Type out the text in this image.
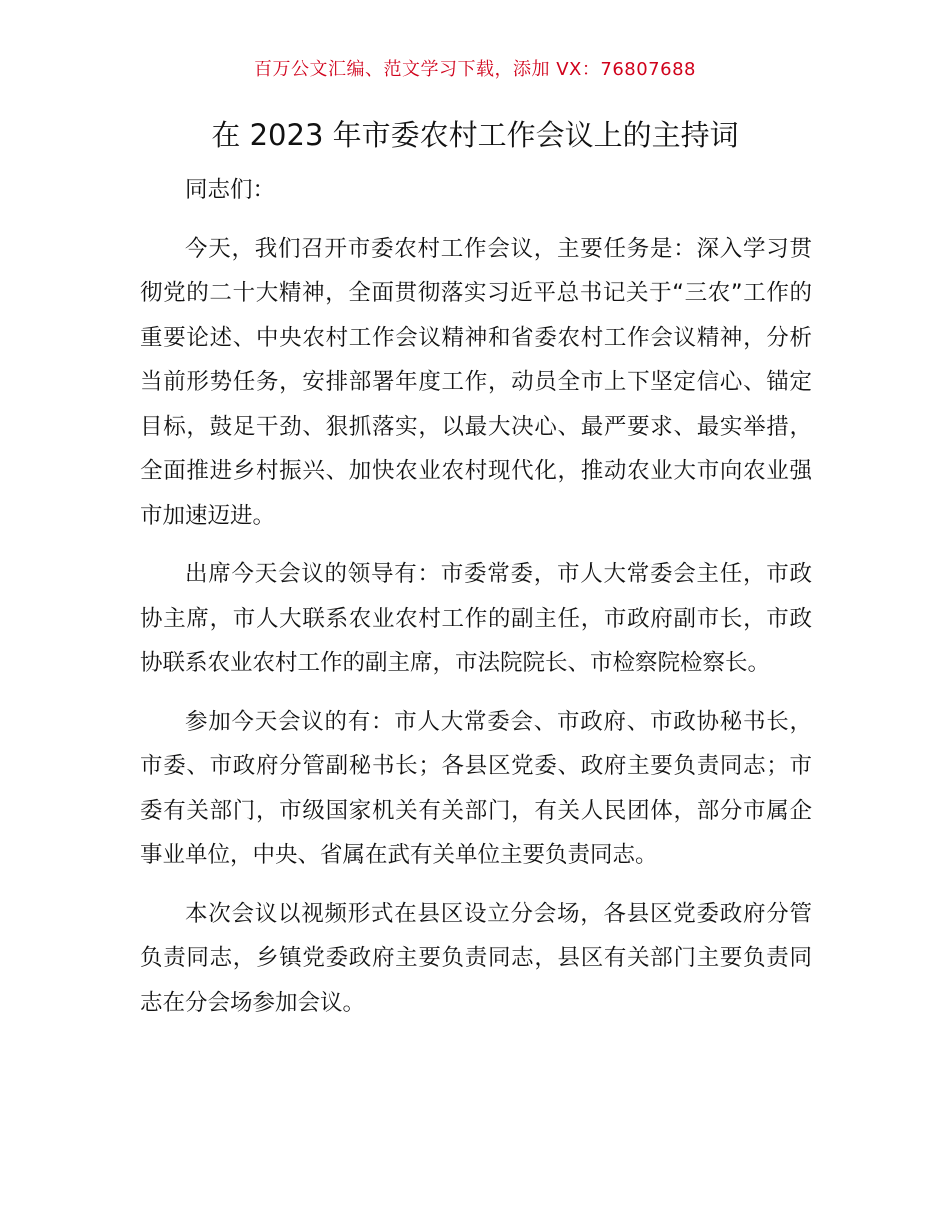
百万公文汇编、范文学习下载，添加 VX：76807688
在 2023 年市委农村工作会议上的主持词

同志们：

今天，我们召开市委农村工作会议，主要任务是：深入学习贯彻党的二十大精神，全面贯彻落实习近平总书记关于“三农”工作的重要论述、中央农村工作会议精神和省委农村工作会议精神，分析当前形势任务，安排部署年度工作，动员全市上下坚定信心、锚定目标，鼓足干劲、狠抓落实，以最大决心、最严要求、最实举措，全面推进乡村振兴、加快农业农村现代化，推动农业大市向农业强市加速迈进。

出席今天会议的领导有：市委常委，市人大常委会主任，市政协主席，市人大联系农业农村工作的副主任，市政府副市长，市政协联系农业农村工作的副主席，市法院院长、市检察院检察长。

参加今天会议的有：市人大常委会、市政府、市政协秘书长，市委、市政府分管副秘书长；各县区党委、政府主要负责同志；市委有关部门，市级国家机关有关部门，有关人民团体，部分市属企事业单位，中央、省属在武有关单位主要负责同志。

本次会议以视频形式在县区设立分会场，各县区党委政府分管负责同志，乡镇党委政府主要负责同志，县区有关部门主要负责同志在分会场参加会议。
